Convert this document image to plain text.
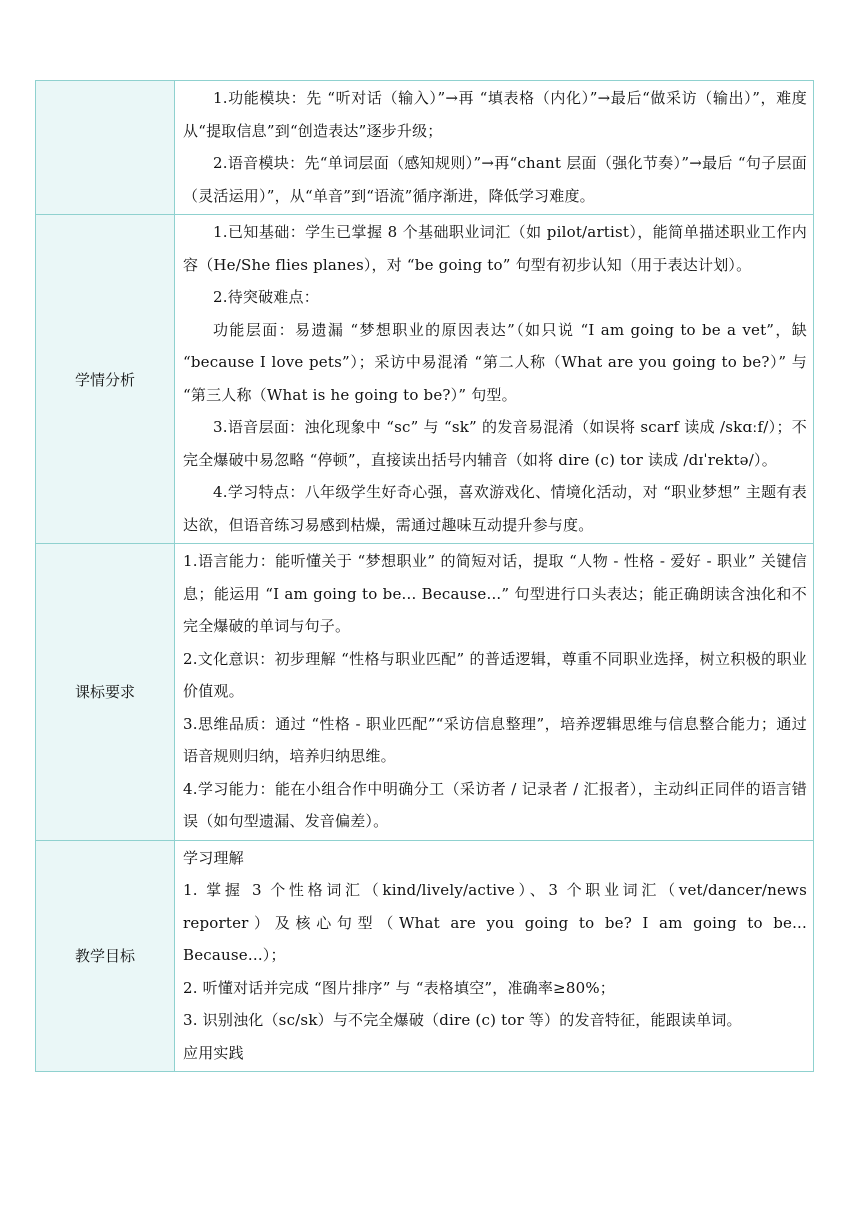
	1.功能模块：先 “听对话（输入）”→再 “填表格（内化）”→最后“做采访（输出）”，难度从“提取信息”到“创造表达”逐步升级；

2.语音模块：先“单词层面（感知规则）”→再“chant 层面（强化节奏）”→最后 “句子层面（灵活运用）”，从“单音”到“语流”循序渐进，降低学习难度。

学情分析	1.已知基础：学生已掌握 8 个基础职业词汇（如 pilot/artist），能简单描述职业工作内容（He/She flies planes），对 “be going to” 句型有初步认知（用于表达计划）。

2.待突破难点：

功能层面：易遗漏 “梦想职业的原因表达”（如只说 “I am going to be a vet”，缺 “because I love pets”）；采访中易混淆 “第二人称（What are you going to be?）” 与 “第三人称（What is he going to be?）” 句型。

3.语音层面：浊化现象中 “sc” 与 “sk” 的发音易混淆（如误将 scarf 读成 /skɑːf/）；不完全爆破中易忽略 “停顿”，直接读出括号内辅音（如将 dire (c) tor 读成 /dɪˈrektə/）。

4.学习特点：八年级学生好奇心强，喜欢游戏化、情境化活动，对 “职业梦想” 主题有表达欲，但语音练习易感到枯燥，需通过趣味互动提升参与度。

课标要求	1.语言能力：能听懂关于 “梦想职业” 的简短对话，提取 “人物 - 性格 - 爱好 - 职业” 关键信息；能运用 “I am going to be... Because...” 句型进行口头表达；能正确朗读含浊化和不完全爆破的单词与句子。

2.文化意识：初步理解 “性格与职业匹配” 的普适逻辑，尊重不同职业选择，树立积极的职业价值观。

3.思维品质：通过 “性格 - 职业匹配”“采访信息整理”，培养逻辑思维与信息整合能力；通过语音规则归纳，培养归纳思维。

4.学习能力：能在小组合作中明确分工（采访者 / 记录者 / 汇报者），主动纠正同伴的语言错误（如句型遗漏、发音偏差）。

教学目标	学习理解

1. 掌握 3 个性格词汇（kind/lively/active）、3 个职业词汇（vet/dancer/news reporter）及核心句型（What are you going to be? I am going to be... Because...）；

2. 听懂对话并完成 “图片排序” 与 “表格填空”，准确率≥80%；

3. 识别浊化（sc/sk）与不完全爆破（dire (c) tor 等）的发音特征，能跟读单词。

应用实践
